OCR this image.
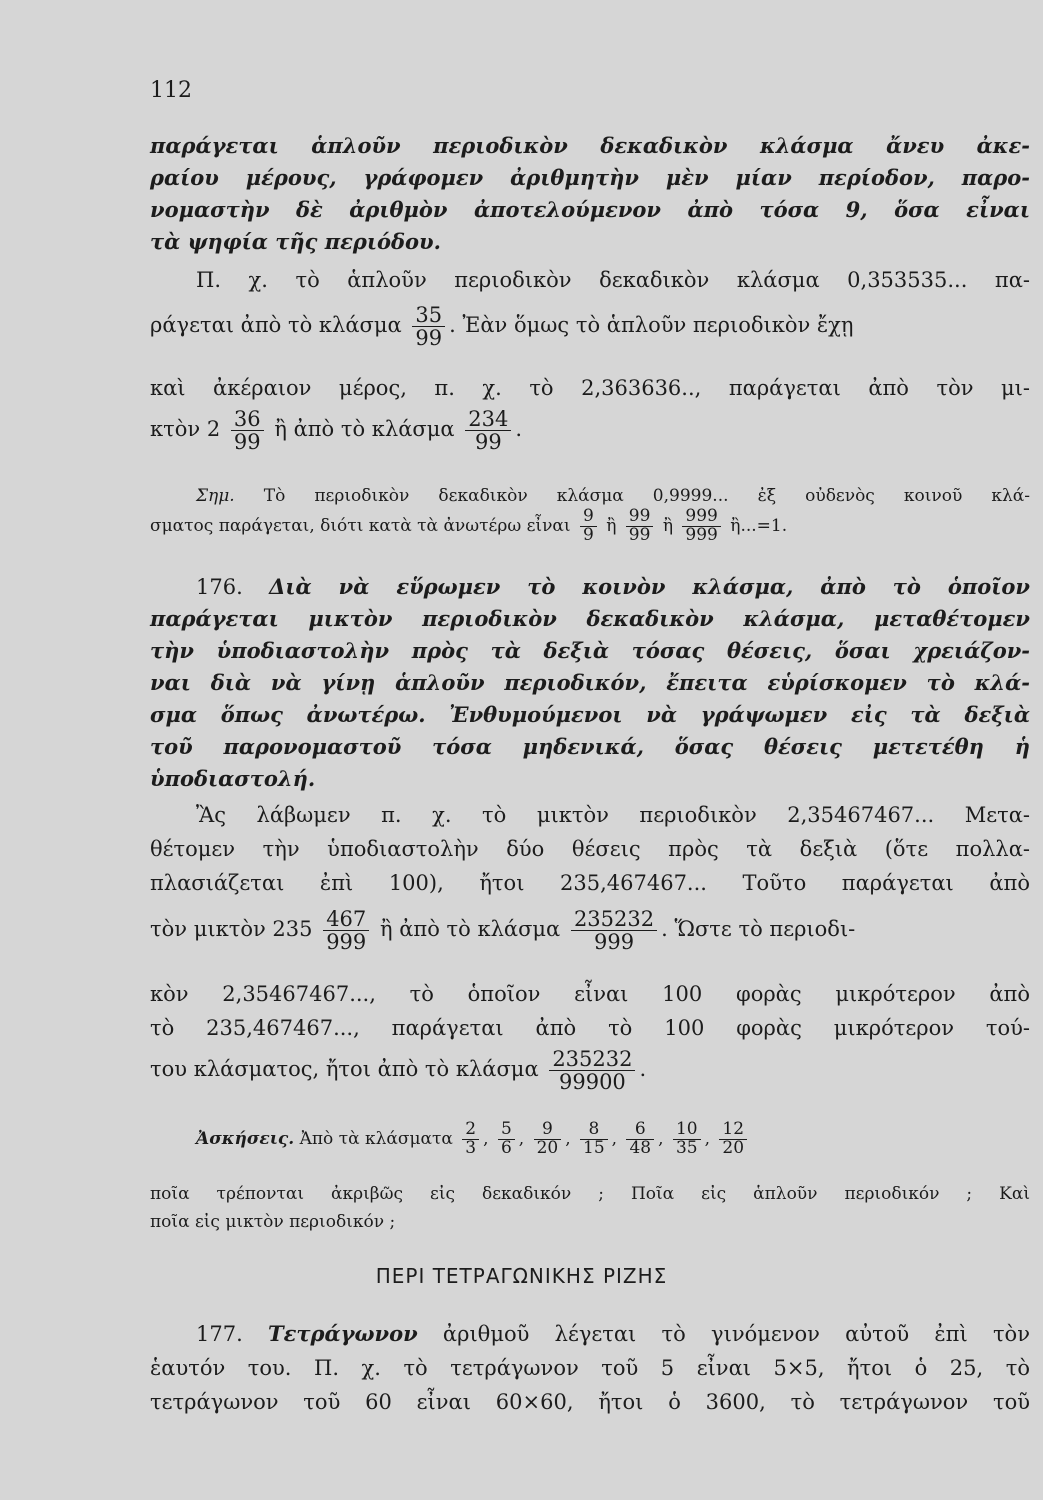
112
παράγεται ἁπλοῦν περιοδικὸν δεκαδικὸν κλάσμα ἄνευ ἀκε-
ραίου μέρους, γράφομεν ἀριθμητὴν μὲν μίαν περίοδον, παρο-
νομαστὴν δὲ ἀριθμὸν ἀποτελούμενον ἀπὸ τόσα 9, ὅσα εἶναι
τὰ ψηφία τῆς περιόδου.
Π. χ. τὸ ἁπλοῦν περιοδικὸν δεκαδικὸν κλάσμα 0,353535... πα-
ράγεται ἀπὸ τὸ κλάσμα $\frac{35}{99}$ . Ἐὰν ὅμως τὸ ἁπλοῦν περιοδικὸν ἔχῃ
καὶ ἀκέραιον μέρος, π. χ. τὸ 2,363636.., παράγεται ἀπὸ τὸν μι-
κτὸν $2 \frac{36}{99}$ ἢ ἀπὸ τὸ κλάσμα $\frac{234}{99}$ .
Σημ. Τὸ περιοδικὸν δεκαδικὸν κλάσμα 0,9999... ἐξ οὐδενὸς κοινοῦ κλά-
σματος παράγεται, διότι κατὰ τὰ ἀνωτέρω εἶναι $\frac{9}{9}$ ἢ $\frac{99}{99}$ ἢ $\frac{999}{999}$ ἢ...=1.
176. Διὰ νὰ εὕρωμεν τὸ κοινὸν κλάσμα, ἀπὸ τὸ ὁποῖον
παράγεται μικτὸν περιοδικὸν δεκαδικὸν κλάσμα, μεταθέτομεν
τὴν ὑποδιαστολὴν πρὸς τὰ δεξιὰ τόσας θέσεις, ὅσαι χρειάζον-
ναι διὰ νὰ γίνῃ ἁπλοῦν περιοδικόν, ἔπειτα εὑρίσκομεν τὸ κλά-
σμα ὅπως ἀνωτέρω. Ἐνθυμούμενοι νὰ γράψωμεν εἰς τὰ δεξιὰ
τοῦ παρονομαστοῦ τόσα μηδενικά, ὅσας θέσεις μετετέθη ἡ
ὑποδιαστολή.
Ἂς λάβωμεν π. χ. τὸ μικτὸν περιοδικὸν 2,35467467... Μετα-
θέτομεν τὴν ὑποδιαστολὴν δύο θέσεις πρὸς τὰ δεξιὰ (ὅτε πολλα-
πλασιάζεται ἐπὶ 100), ἤτοι 235,467467... Τοῦτο παράγεται ἀπὸ
τὸν μικτὸν $235 \frac{467}{999}$ ἢ ἀπὸ τὸ κλάσμα $\frac{235232}{999}$ . Ὥστε τὸ περιοδι-
κὸν 2,35467467..., τὸ ὁποῖον εἶναι 100 φορὰς μικρότερον ἀπὸ
τὸ 235,467467..., παράγεται ἀπὸ τὸ 100 φορὰς μικρότερον τού-
του κλάσματος, ἤτοι ἀπὸ τὸ κλάσμα $\frac{235232}{99900}$ .
Ἀσκήσεις. Ἀπὸ τὰ κλάσματα $\frac{2}{3}$ , $\frac{5}{6}$ , $\frac{9}{20}$ , $\frac{8}{15}$ , $\frac{6}{48}$ , $\frac{10}{35}$ , $\frac{12}{20}$
ποῖα τρέπονται ἀκριβῶς εἰς δεκαδικόν ; Ποῖα εἰς ἁπλοῦν περιοδικόν ; Καὶ
ποῖα εἰς μικτὸν περιοδικόν ;
ΠΕΡΙ ΤΕΤΡΑΓΩΝΙΚΗΣ ΡΙΖΗΣ
177. Τετράγωνον ἀριθμοῦ λέγεται τὸ γινόμενον αὐτοῦ ἐπὶ τὸν
ἑαυτόν του. Π. χ. τὸ τετράγωνον τοῦ 5 εἶναι 5×5, ἤτοι ὁ 25, τὸ
τετράγωνον τοῦ 60 εἶναι 60×60, ἤτοι ὁ 3600, τὸ τετράγωνον τοῦ
